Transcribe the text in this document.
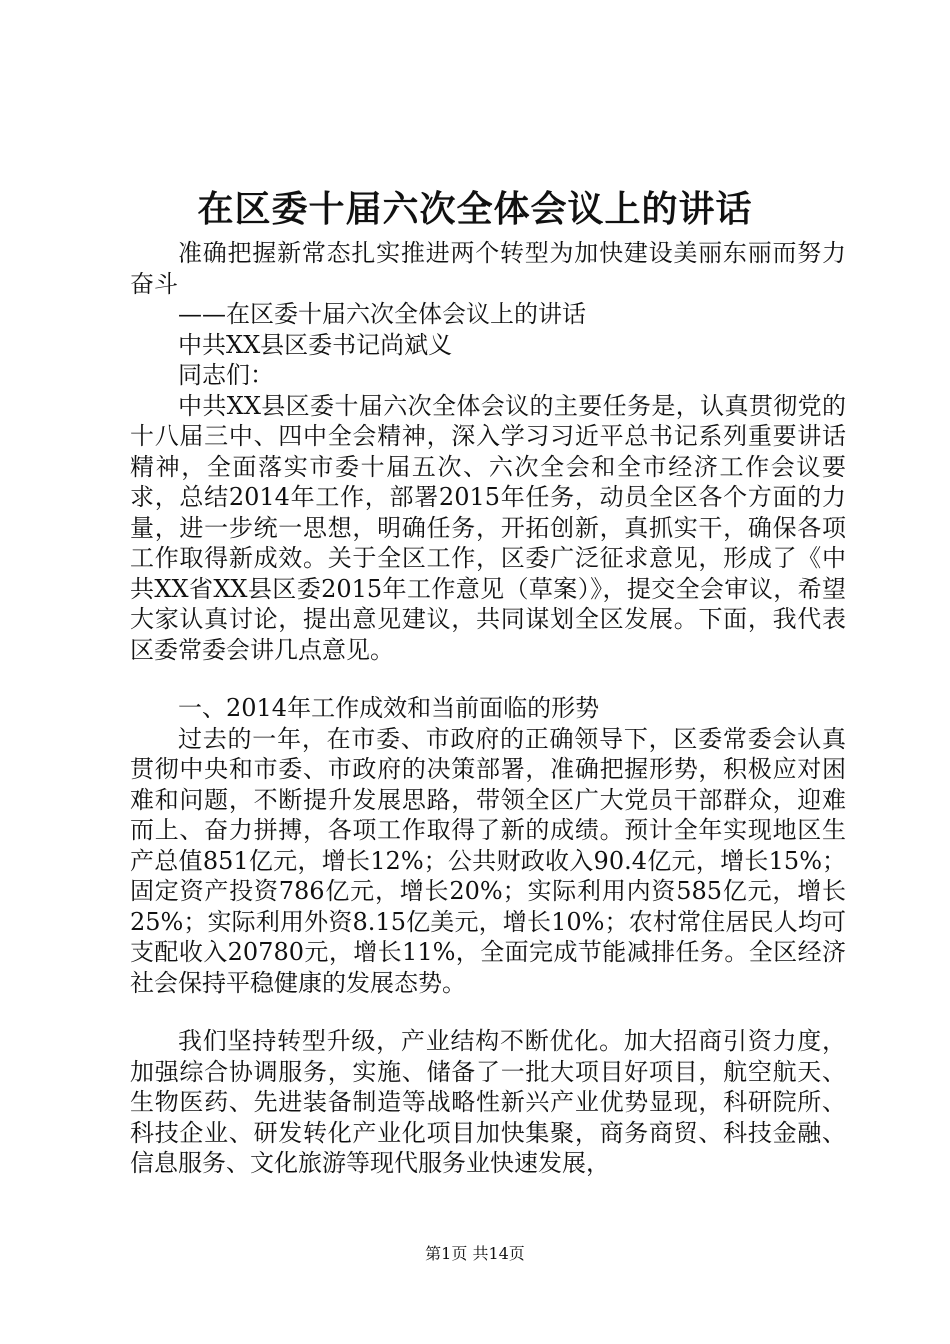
在区委十届六次全体会议上的讲话

准确把握新常态扎实推进两个转型为加快建设美丽东丽而努力奋斗

——在区委十届六次全体会议上的讲话

中共XX县区委书记尚斌义

同志们：

中共XX县区委十届六次全体会议的主要任务是，认真贯彻党的十八届三中、四中全会精神，深入学习习近平总书记系列重要讲话精神，全面落实市委十届五次、六次全会和全市经济工作会议要求，总结2014年工作，部署2015年任务，动员全区各个方面的力量，进一步统一思想，明确任务，开拓创新，真抓实干，确保各项工作取得新成效。关于全区工作，区委广泛征求意见，形成了《中共XX省XX县区委2015年工作意见（草案）》，提交全会审议，希望大家认真讨论，提出意见建议，共同谋划全区发展。下面，我代表区委常委会讲几点意见。

一、2014年工作成效和当前面临的形势

过去的一年，在市委、市政府的正确领导下，区委常委会认真贯彻中央和市委、市政府的决策部署，准确把握形势，积极应对困难和问题，不断提升发展思路，带领全区广大党员干部群众，迎难而上、奋力拼搏，各项工作取得了新的成绩。预计全年实现地区生产总值851亿元，增长12%；公共财政收入90.4亿元，增长15%；固定资产投资786亿元，增长20%；实际利用内资585亿元，增长25%；实际利用外资8.15亿美元，增长10%；农村常住居民人均可支配收入20780元，增长11%，全面完成节能减排任务。全区经济社会保持平稳健康的发展态势。

我们坚持转型升级，产业结构不断优化。加大招商引资力度，加强综合协调服务，实施、储备了一批大项目好项目，航空航天、生物医药、先进装备制造等战略性新兴产业优势显现，科研院所、科技企业、研发转化产业化项目加快集聚，商务商贸、科技金融、信息服务、文化旅游等现代服务业快速发展，

第1页 共14页
